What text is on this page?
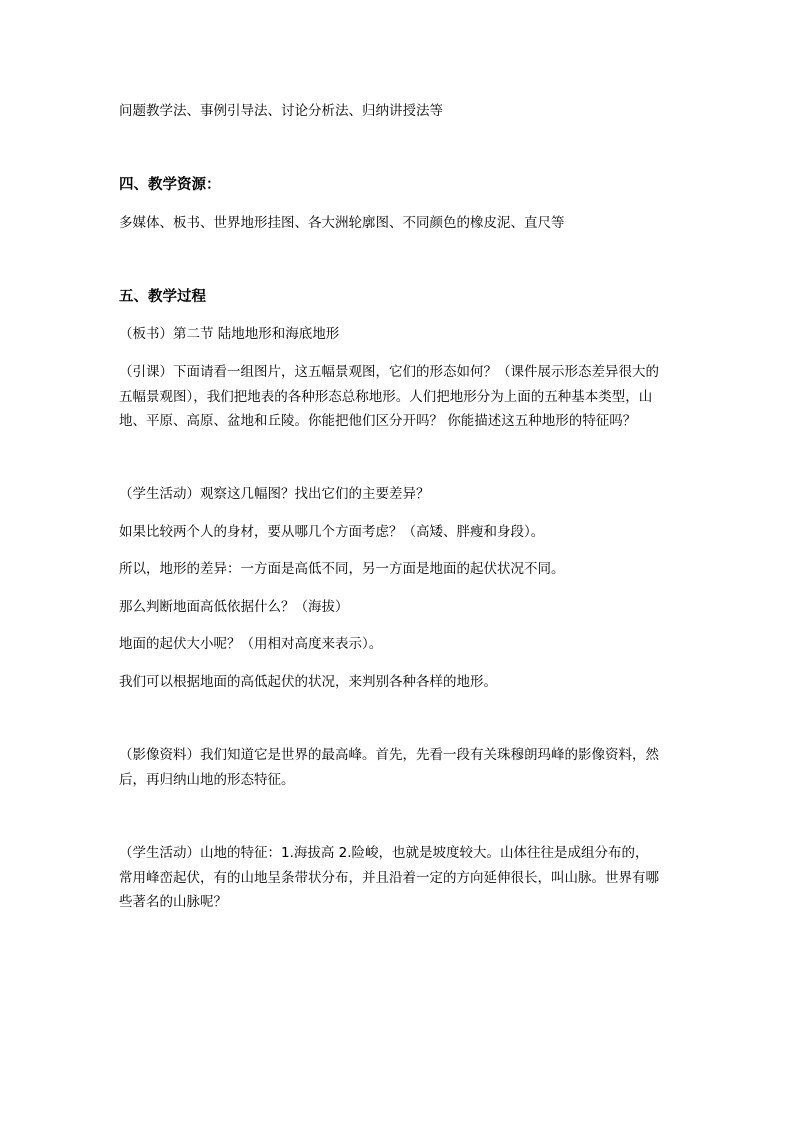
问题教学法、事例引导法、讨论分析法、归纳讲授法等
四、教学资源：
多媒体、板书、世界地形挂图、各大洲轮廓图、不同颜色的橡皮泥、直尺等
五、教学过程
（板书）第二节 陆地地形和海底地形
（引课）下面请看一组图片，这五幅景观图，它们的形态如何？（课件展示形态差异很大的
五幅景观图），我们把地表的各种形态总称地形。人们把地形分为上面的五种基本类型，山
地、平原、高原、盆地和丘陵。你能把他们区分开吗？ 你能描述这五种地形的特征吗？
（学生活动）观察这几幅图？找出它们的主要差异？
如果比较两个人的身材，要从哪几个方面考虑？（高矮、胖瘦和身段）。
所以，地形的差异：一方面是高低不同，另一方面是地面的起伏状况不同。
那么判断地面高低依据什么？（海拔）
地面的起伏大小呢？（用相对高度来表示）。
我们可以根据地面的高低起伏的状况，来判别各种各样的地形。
（影像资料）我们知道它是世界的最高峰。首先，先看一段有关珠穆朗玛峰的影像资料，然
后，再归纳山地的形态特征。
（学生活动）山地的特征：1.海拔高 2.险峻，也就是坡度较大。山体往往是成组分布的，
常用峰峦起伏，有的山地呈条带状分布，并且沿着一定的方向延伸很长，叫山脉。世界有哪
些著名的山脉呢？
